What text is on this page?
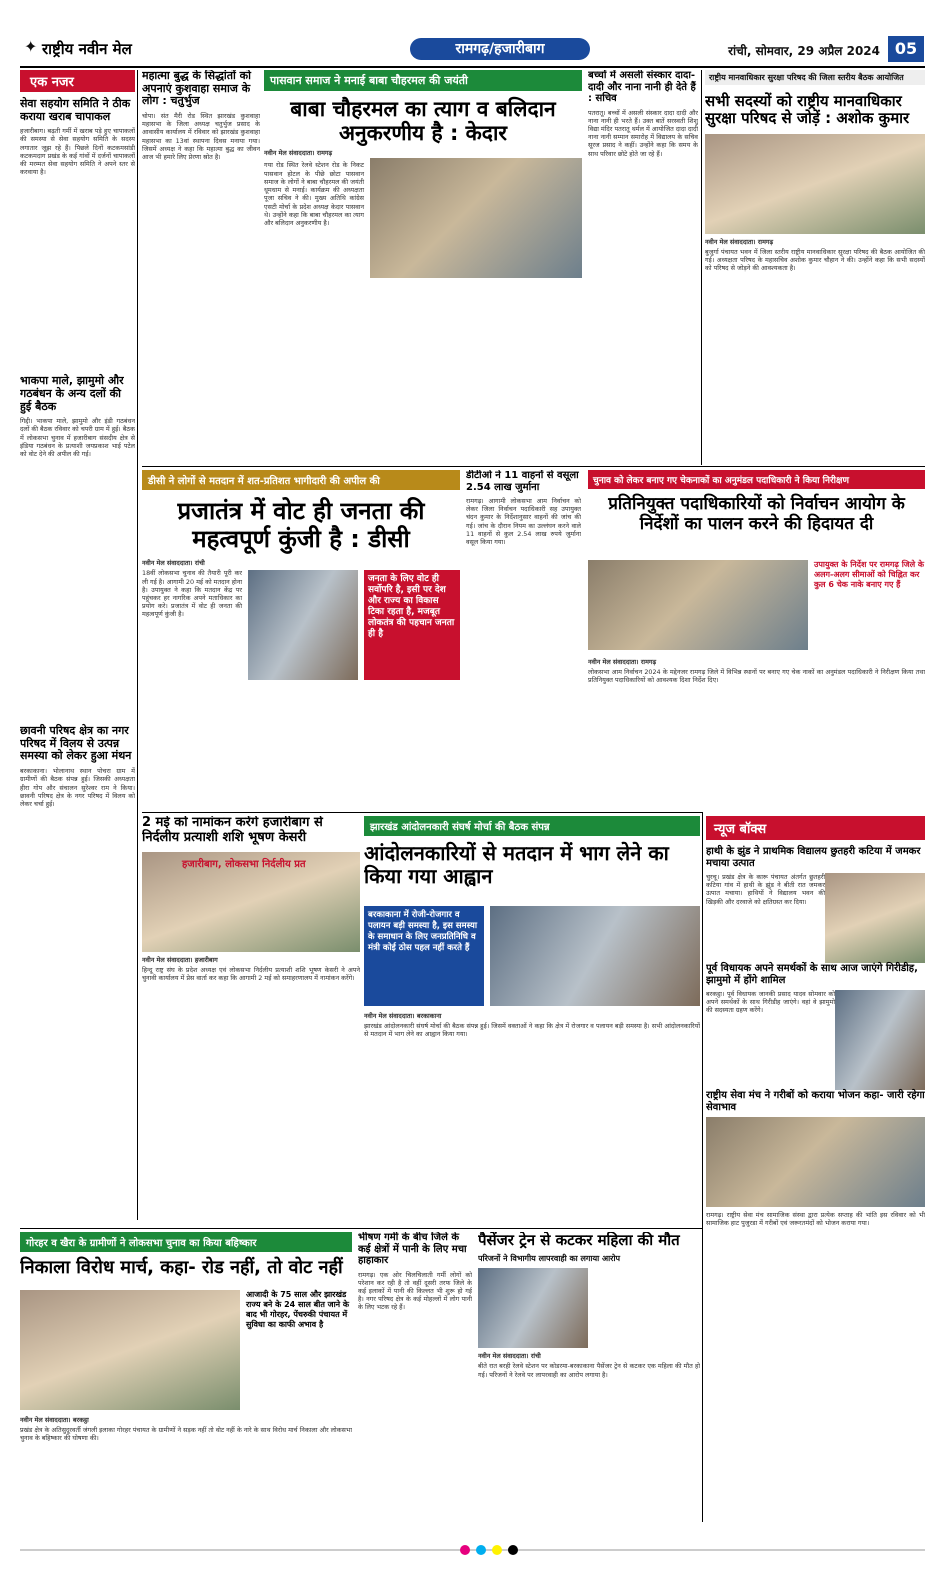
✦ राष्ट्रीय नवीन मेल	रामगढ़/हजारीबाग	रांची, सोमवार, 29 अप्रैल 2024 05
एक नजर
सेवा सहयोग समिति ने ठीक कराया खराब चापाकल
हजारीबाग। बढ़ती गर्मी में खराब पड़े हुए चापाकलों की समस्या से सेवा सहयोग समिति के सदस्य लगातार जूझ रहे हैं। पिछले दिनों कटकमसांडी कटकमदाग प्रखंड के कई गांवों में दर्जनों चापाकलों की मरम्मत सेवा सहयोग समिति ने अपने स्तर से करवाया है।
भाकपा माले, झामुमो और गठबंधन के अन्य दलों की हुई बैठक
गिद्दी। भाकपा माले, झामुमो और इंडी गठबंधन दलों की बैठक रविवार को चपरी ग्राम में हुई। बैठक में लोकसभा चुनाव में हजारीबाग संसदीय क्षेत्र से इंडिया गठबंधन के प्रत्याशी जयप्रकाश भाई पटेल को वोट देने की अपील की गई।
छावनी परिषद क्षेत्र का नगर परिषद में विलय से उत्पन्न समस्या को लेकर हुआ मंथन
बरकाकाना। भोलानाथ स्थान पोचरा ग्राम में ग्रामीणों की बैठक संपन्न हुई। जिसकी अध्यक्षता हीरा गोप और संचालन सुरेश्वर राम ने किया। छावनी परिषद क्षेत्र के नगर परिषद में विलय को लेकर चर्चा हुई।
महात्मा बुद्ध के सिद्धांतों को अपनाएं कुशवाहा समाज के लोग : चतुर्भुज
चोपा। संत मैरी रोड स्थित झारखंड कुशवाहा महासभा के जिला अध्यक्ष चतुर्भुज प्रसाद के आवासीय कार्यालय में रविवार को झारखंड कुशवाहा महासभा का 13वां स्थापना दिवस मनाया गया। जिसमें अध्यक्ष ने कहा कि महात्मा बुद्ध का जीवन आज भी हमारे लिए प्रेरणा स्रोत है।
पासवान समाज ने मनाई बाबा चौहरमल की जयंती
बाबा चौहरमल का त्याग व बलिदान अनुकरणीय है : केदार
नवीन मेल संवाददाता। रामगढ़
गया रोड स्थित रेलवे स्टेशन रोड के निकट पासवान होटल के पीछे छोटा पासवान समाज के लोगों ने बाबा चौहरमल की जयंती धूमधाम से मनाई। कार्यक्रम की अध्यक्षता पूजा सचिव ने की। मुख्य अतिथि कांग्रेस एसटी मोर्चा के प्रदेश अध्यक्ष केदार पासवान थे। उन्होंने कहा कि बाबा चौहरमल का त्याग और बलिदान अनुकरणीय है।
बच्चों में असली संस्कार दादा-दादी और नाना नानी ही देते हैं : सचिव
पतरातू। बच्चों में असली संस्कार दादा दादी और नाना नानी ही भरते हैं। उक्त बातें सरस्वती शिशु विद्या मंदिर पतरातू थर्मल में आयोजित दादा दादी नाना नानी सम्मान समारोह में विद्यालय के सचिव सूरज प्रसाद ने कहीं। उन्होंने कहा कि समय के साथ परिवार छोटे होते जा रहे हैं।
राष्ट्रीय मानवाधिकार सुरक्षा परिषद की जिला स्तरीय बैठक आयोजित
सभी सदस्यों को राष्ट्रीय मानवाधिकार सुरक्षा परिषद से जोड़ें : अशोक कुमार
नवीन मेल संवाददाता। रामगढ़
बुजुर्गा पंचायत भवन में जिला स्तरीय राष्ट्रीय मानवाधिकार सुरक्षा परिषद की बैठक आयोजित की गई। अध्यक्षता परिषद के महासचिव अशोक कुमार चौहान ने की। उन्होंने कहा कि सभी सदस्यों को परिषद से जोड़ने की आवश्यकता है।
डीसी ने लोगों से मतदान में शत-प्रतिशत भागीदारी की अपील की
प्रजातंत्र में वोट ही जनता की महत्वपूर्ण कुंजी है : डीसी
नवीन मेल संवाददाता। रांची
18वीं लोकसभा चुनाव की तैयारी पूरी कर ली गई है। आगामी 20 मई को मतदान होना है। उपायुक्त ने कहा कि मतदान केंद्र पर पहुंचकर हर नागरिक अपने मताधिकार का प्रयोग करे। प्रजातंत्र में वोट ही जनता की महत्वपूर्ण कुंजी है।
जनता के लिए वोट ही सर्वोपरि है, इसी पर देश और राज्य का विकास टिका रहता है, मजबूत लोकतंत्र की पहचान जनता ही है
डीटीओ ने 11 वाहनों से वसूला 2.54 लाख जुर्माना
रामगढ़। आगामी लोकसभा आम निर्वाचन को लेकर जिला निर्वाचन पदाधिकारी सह उपायुक्त चंदन कुमार के निर्देशानुसार वाहनों की जांच की गई। जांच के दौरान नियम का उल्लंघन करने वाले 11 वाहनों से कुल 2.54 लाख रुपये जुर्माना वसूल किया गया।
चुनाव को लेकर बनाए गए चेकनाकों का अनुमंडल पदाधिकारी ने किया निरीक्षण
प्रतिनियुक्त पदाधिकारियों को निर्वाचन आयोग के निर्देशों का पालन करने की हिदायत दी
उपायुक्त के निर्देश पर रामगढ़ जिले के अलग-अलग सीमाओं को चिह्नित कर कुल 6 चेक नाके बनाए गए हैं
नवीन मेल संवाददाता। रामगढ़
लोकसभा आम निर्वाचन 2024 के मद्देनजर रामगढ़ जिले में विभिन्न स्थानों पर बनाए गए चेक नाकों का अनुमंडल पदाधिकारी ने निरीक्षण किया तथा प्रतिनियुक्त पदाधिकारियों को आवश्यक दिशा निर्देश दिए।
2 मई को नामांकन करेंगे हजारीबाग से निर्दलीय प्रत्याशी शशि भूषण केसरी
हजारीबाग, लोकसभा निर्दलीय प्रत
नवीन मेल संवाददाता। हजारीबाग
हिन्दू राष्ट्र संघ के प्रदेश अध्यक्ष एवं लोकसभा निर्दलीय प्रत्याशी शशि भूषण केसरी ने अपने चुनावी कार्यालय में प्रेस वार्ता कर कहा कि आगामी 2 मई को समाहरणालय में नामांकन करेंगे।
झारखंड आंदोलनकारी संघर्ष मोर्चा की बैठक संपन्न
आंदोलनकारियों से मतदान में भाग लेने का किया गया आह्वान
बरकाकाना में रोजी-रोजगार व पलायन बड़ी समस्या है, इस समस्या के समाधान के लिए जनप्रतिनिधि व मंत्री कोई ठोस पहल नहीं करते हैं
नवीन मेल संवाददाता। बरकाकाना
झारखंड आंदोलनकारी संघर्ष मोर्चा की बैठक संपन्न हुई। जिसमें वक्ताओं ने कहा कि क्षेत्र में रोजगार व पलायन बड़ी समस्या है। सभी आंदोलनकारियों से मतदान में भाग लेने का आह्वान किया गया।
न्यूज बॉक्स
हाथी के झुंड ने प्राथमिक विद्यालय छुतहरी कटिया में जमकर मचाया उत्पात
चुरचू। प्रखंड क्षेत्र के कारू पंचायत अंतर्गत छुतहरी कटिया गांव में हाथी के झुंड ने बीती रात जमकर उत्पात मचाया। हाथियों ने विद्यालय भवन की खिड़की और दरवाजे को क्षतिग्रस्त कर दिया।
पूर्व विधायक अपने समर्थकों के साथ आज जाएंगे गिरीडीह, झामुमो में होंगे शामिल
बरकट्ठा। पूर्व विधायक जानकी प्रसाद यादव सोमवार को अपने समर्थकों के साथ गिरीडीह जाएंगे। वहां वे झामुमो की सदस्यता ग्रहण करेंगे।
राष्ट्रीय सेवा मंच ने गरीबों को कराया भोजन कहा- जारी रहेगा सेवाभाव
रामगढ़। राष्ट्रीय सेवा मंच सामाजिक संस्था द्वारा प्रत्येक सप्ताह की भांति इस रविवार को भी सामाजिक हाट पुजुरडा में गरीबों एवं जरूरतमंदों को भोजन कराया गया।
गोरहर व खैरा के ग्रामीणों ने लोकसभा चुनाव का किया बहिष्कार
निकाला विरोध मार्च, कहा- रोड नहीं, तो वोट नहीं
आजादी के 75 साल और झारखंड राज्य बने के 24 साल बीत जाने के बाद भी गोरहर, पेंचरुकी पंचायत में सुविधा का काफी अभाव है
नवीन मेल संवाददाता। बरकट्ठा
प्रखंड क्षेत्र के अतिसुदूरवर्ती जंगली इलाका गोरहर पंचायत के ग्रामीणों ने सड़क नहीं तो वोट नहीं के नारे के साथ विरोध मार्च निकाला और लोकसभा चुनाव के बहिष्कार की घोषणा की।
भीषण गर्मी के बीच जिले के कई क्षेत्रों में पानी के लिए मचा हाहाकार
रामगढ़। एक ओर चिलचिलाती गर्मी लोगों को परेशान कर रही है तो वहीं दूसरी तरफ जिले के कई इलाकों में पानी की किल्लत भी शुरू हो गई है। नगर परिषद क्षेत्र के कई मोहल्लों में लोग पानी के लिए भटक रहे हैं।
पैसेंजर ट्रेन से कटकर महिला की मौत
परिजनों ने विभागीय लापरवाही का लगाया आरोप
नवीन मेल संवाददाता। रांची
बीते रात बरही रेलवे स्टेशन पर कोडरमा-बरकाकाना पैसेंजर ट्रेन से कटकर एक महिला की मौत हो गई। परिजनों ने रेलवे पर लापरवाही का आरोप लगाया है।
